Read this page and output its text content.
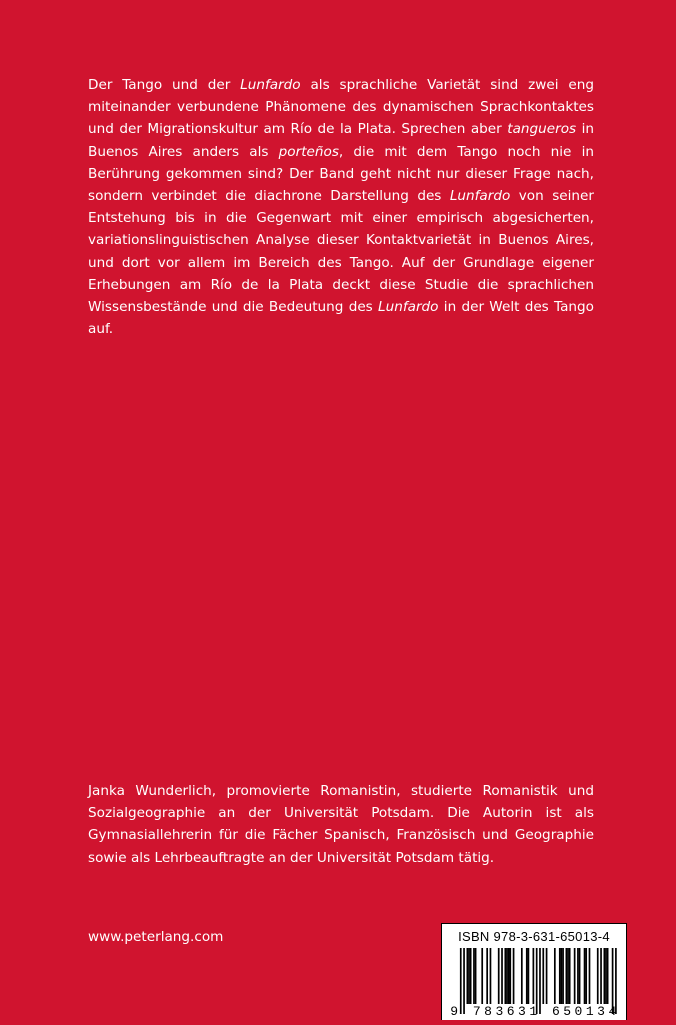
Der Tango und der Lunfardo als sprachliche Varietät sind zwei eng miteinander verbundene Phänomene des dynamischen Sprachkontaktes und der Migrationskultur am Río de la Plata. Sprechen aber tangueros in Buenos Aires anders als porteños, die mit dem Tango noch nie in Berührung gekommen sind? Der Band geht nicht nur dieser Frage nach, sondern verbindet die diachrone Darstellung des Lunfardo von seiner Entstehung bis in die Gegenwart mit einer empirisch abgesicherten, variationslinguistischen Analyse dieser Kontaktvarietät in Buenos Aires, und dort vor allem im Bereich des Tango. Auf der Grundlage eigener Erhebungen am Río de la Plata deckt diese Studie die sprachlichen Wissensbestände und die Bedeutung des Lunfardo in der Welt des Tango auf.

Janka Wunderlich, promovierte Romanistin, studierte Romanistik und Sozialgeographie an der Universität Potsdam. Die Autorin ist als Gymnasiallehrerin für die Fächer Spanisch, Französisch und Geographie sowie als Lehrbeauftragte an der Universität Potsdam tätig.

www.peterlang.com	ISBN 978-3-631-65013-4
9 783631 650134
